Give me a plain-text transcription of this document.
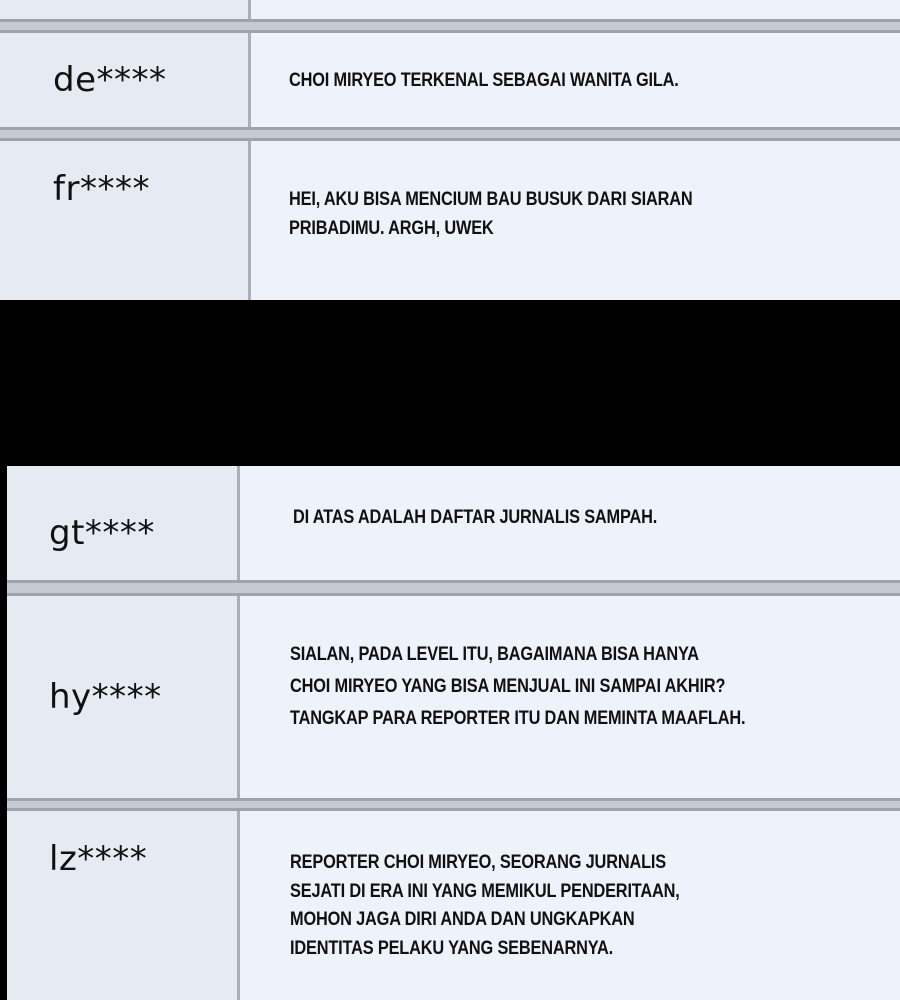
de****	CHOI MIRYEO TERKENAL SEBAGAI WANITA GILA.
fr****	HEI, AKU BISA MENCIUM BAU BUSUK DARI SIARAN
PRIBADIMU. ARGH, UWEK
gt****	DI ATAS ADALAH DAFTAR JURNALIS SAMPAH.
hy****
SIALAN, PADA LEVEL ITU, BAGAIMANA BISA HANYA
CHOI MIRYEO YANG BISA MENJUAL INI SAMPAI AKHIR?
TANGKAP PARA REPORTER ITU DAN MEMINTA MAAFLAH.
lz****	REPORTER CHOI MIRYEO, SEORANG JURNALIS
SEJATI DI ERA INI YANG MEMIKUL PENDERITAAN,
MOHON JAGA DIRI ANDA DAN UNGKAPKAN
IDENTITAS PELAKU YANG SEBENARNYA.
